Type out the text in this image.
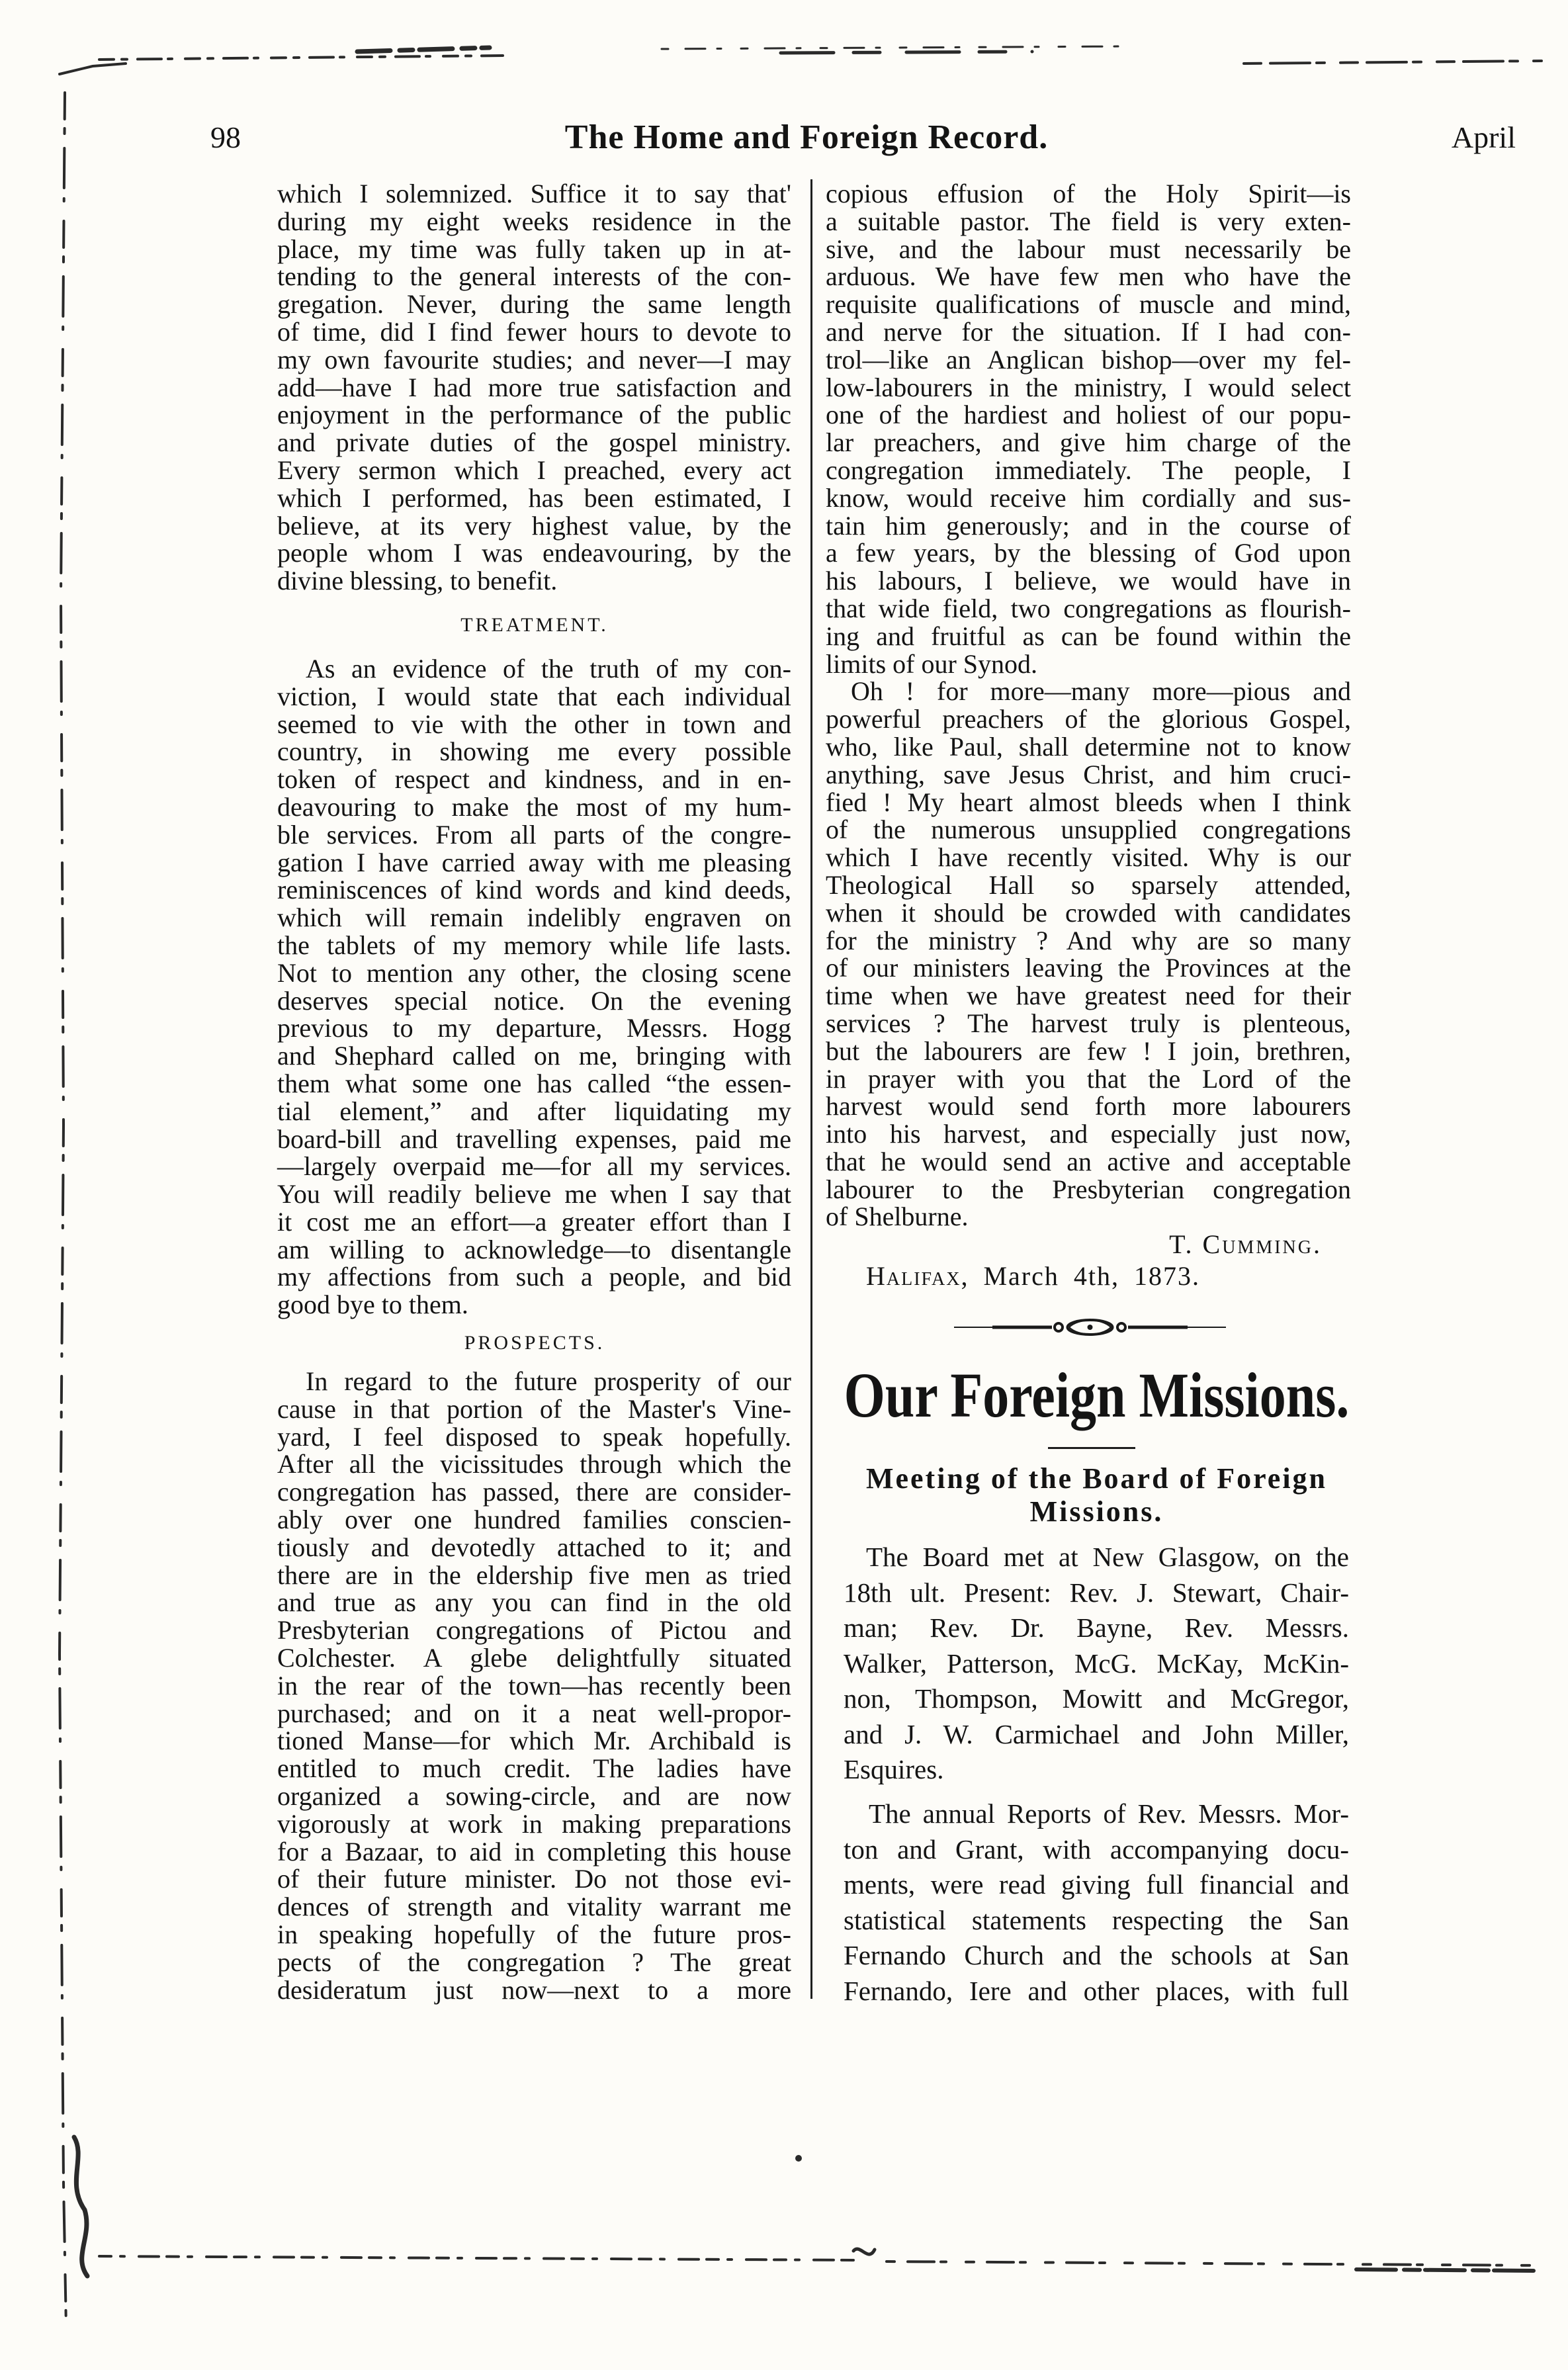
98	The Home and Foreign Record.	April
which I solemnized. Suffice it to say that'
during my eight weeks residence in the
place, my time was fully taken up in at-
tending to the general interests of the con-
gregation. Never, during the same length
of time, did I find fewer hours to devote to
my own favourite studies; and never—I may
add—have I had more true satisfaction and
enjoyment in the performance of the public
and private duties of the gospel ministry.
Every sermon which I preached, every act
which I performed, has been estimated, I
believe, at its very highest value, by the
people whom I was endeavouring, by the
divine blessing, to benefit.
TREATMENT.
As an evidence of the truth of my con-
viction, I would state that each individual
seemed to vie with the other in town and
country, in showing me every possible
token of respect and kindness, and in en-
deavouring to make the most of my hum-
ble services. From all parts of the congre-
gation I have carried away with me pleasing
reminiscences of kind words and kind deeds,
which will remain indelibly engraven on
the tablets of my memory while life lasts.
Not to mention any other, the closing scene
deserves special notice. On the evening
previous to my departure, Messrs. Hogg
and Shephard called on me, bringing with
them what some one has called “the essen-
tial element,” and after liquidating my
board-bill and travelling expenses, paid me
—largely overpaid me—for all my services.
You will readily believe me when I say that
it cost me an effort—a greater effort than I
am willing to acknowledge—to disentangle
my affections from such a people, and bid
good bye to them.
PROSPECTS.
In regard to the future prosperity of our
cause in that portion of the Master's Vine-
yard, I feel disposed to speak hopefully.
After all the vicissitudes through which the
congregation has passed, there are consider-
ably over one hundred families conscien-
tiously and devotedly attached to it; and
there are in the eldership five men as tried
and true as any you can find in the old
Presbyterian congregations of Pictou and
Colchester. A glebe delightfully situated
in the rear of the town—has recently been
purchased; and on it a neat well-propor-
tioned Manse—for which Mr. Archibald is
entitled to much credit. The ladies have
organized a sowing-circle, and are now
vigorously at work in making preparations
for a Bazaar, to aid in completing this house
of their future minister. Do not those evi-
dences of strength and vitality warrant me
in speaking hopefully of the future pros-
pects of the congregation ? The great
desideratum just now—next to a more
copious effusion of the Holy Spirit—is
a suitable pastor. The field is very exten-
sive, and the labour must necessarily be
arduous. We have few men who have the
requisite qualifications of muscle and mind,
and nerve for the situation. If I had con-
trol—like an Anglican bishop—over my fel-
low-labourers in the ministry, I would select
one of the hardiest and holiest of our popu-
lar preachers, and give him charge of the
congregation immediately. The people, I
know, would receive him cordially and sus-
tain him generously; and in the course of
a few years, by the blessing of God upon
his labours, I believe, we would have in
that wide field, two congregations as flourish-
ing and fruitful as can be found within the
limits of our Synod.
Oh ! for more—many more—pious and
powerful preachers of the glorious Gospel,
who, like Paul, shall determine not to know
anything, save Jesus Christ, and him cruci-
fied ! My heart almost bleeds when I think
of the numerous unsupplied congregations
which I have recently visited. Why is our
Theological Hall so sparsely attended,
when it should be crowded with candidates
for the ministry ? And why are so many
of our ministers leaving the Provinces at the
time when we have greatest need for their
services ? The harvest truly is plenteous,
but the labourers are few ! I join, brethren,
in prayer with you that the Lord of the
harvest would send forth more labourers
into his harvest, and especially just now,
that he would send an active and acceptable
labourer to the Presbyterian congregation
of Shelburne.
T. Cumming.
Halifax, March 4th, 1873.
Our Foreign Missions.
Meeting of the Board of Foreign
Missions.
The Board met at New Glasgow, on the
18th ult. Present: Rev. J. Stewart, Chair-
man; Rev. Dr. Bayne, Rev. Messrs.
Walker, Patterson, McG. McKay, McKin-
non, Thompson, Mowitt and McGregor,
and J. W. Carmichael and John Miller,
Esquires.
The annual Reports of Rev. Messrs. Mor-
ton and Grant, with accompanying docu-
ments, were read giving full financial and
statistical statements respecting the San
Fernando Church and the schools at San
Fernando, Iere and other places, with full
